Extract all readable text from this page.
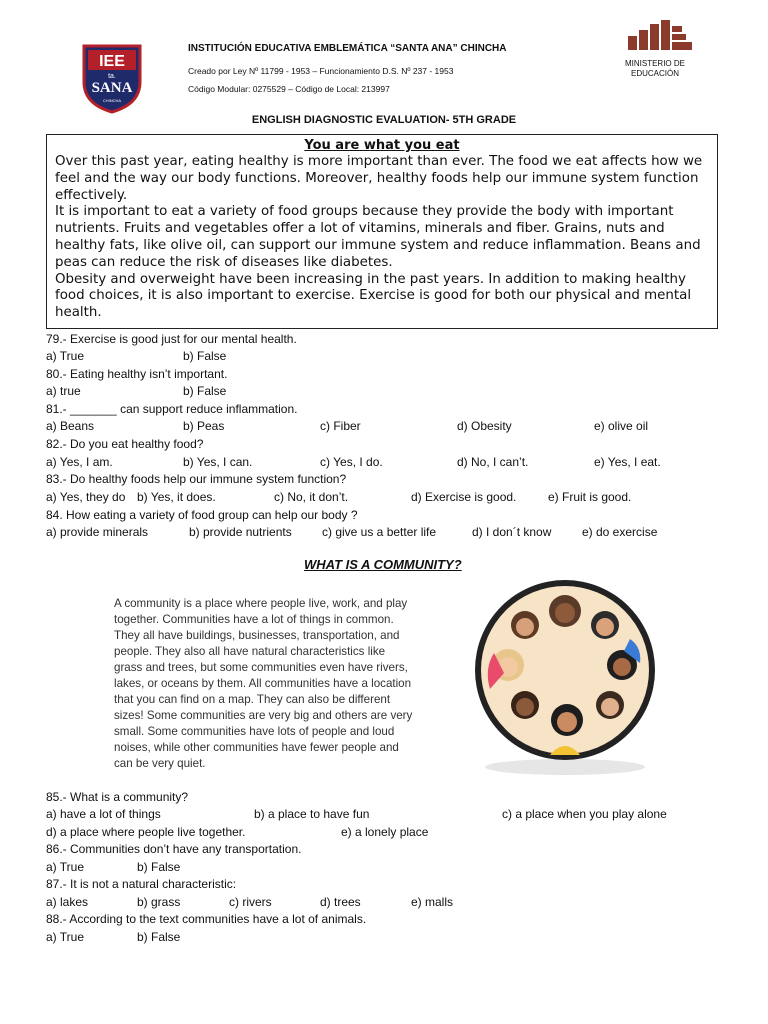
IEE
ta.
SANA
CHINCHA
INSTITUCIÓN EDUCATIVA EMBLEMÁTICA “SANTA ANA” CHINCHA
Creado por Ley Nº 11799 - 1953 – Funcionamiento D.S. Nº 237 - 1953
Código Modular: 0275529 – Código de Local: 213997
MINISTERIO DE EDUCACIÓN
ENGLISH DIAGNOSTIC EVALUATION- 5TH GRADE
You are what you eat

Over this past year, eating healthy is more important than ever. The food we eat affects how we feel and the way our body functions. Moreover, healthy foods help our immune system function effectively.

It is important to eat a variety of food groups because they provide the body with important nutrients. Fruits and vegetables offer a lot of vitamins, minerals and fiber. Grains, nuts and healthy fats, like olive oil, can support our immune system and reduce inflammation. Beans and peas can reduce the risk of diseases like diabetes.

Obesity and overweight have been increasing in the past years. In addition to making healthy food choices, it is also important to exercise. Exercise is good for both our physical and mental health.

79.- Exercise is good just for our mental health.
a) True	b) False
80.- Eating healthy isn’t important.
a) true	b) False
81.- _______ can support reduce inflammation.
a) Beans	b) Peas	c) Fiber	d) Obesity	e) olive oil
82.- Do you eat healthy food?
a) Yes, I am.	b) Yes, I can.	c) Yes, I do.	d) No, I can’t.	e) Yes, I eat.
83.- Do healthy foods help our immune system function?
a) Yes, they do b) Yes, it does.	c) No, it don’t.	d) Exercise is good.	e) Fruit is good.
84. How eating a variety of food group can help our body ?
a) provide minerals	b) provide nutrients	c) give us a better life	d) I don´t know	e) do exercise
WHAT IS A COMMUNITY?
A community is a place where people live, work, and play
together. Communities have a lot of things in common.
They all have buildings, businesses, transportation, and
people. They also all have natural characteristics like
grass and trees, but some communities even have rivers,
lakes, or oceans by them. All communities have a location
that you can find on a map. They can also be different
sizes! Some communities are very big and others are very
small. Some communities have lots of people and loud
noises, while other communities have fewer people and
can be very quiet.
85.- What is a community?
a) have a lot of things	b) a place to have fun	c) a place when you play alone
d) a place where people live together.	e) a lonely place
86.- Communities don’t have any transportation.
a) True	b) False
87.- It is not a natural characteristic:
a) lakes	b) grass	c) rivers	d) trees	e) malls
88.- According to the text communities have a lot of animals.
a) True	b) False
